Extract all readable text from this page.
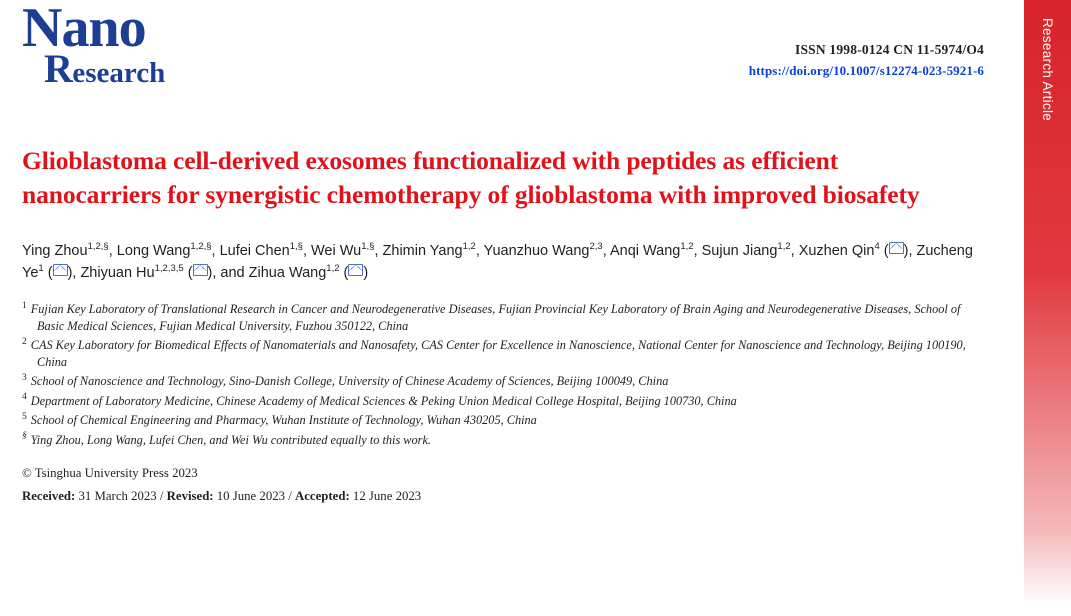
Nano
Research
ISSN 1998-0124 CN 11-5974/O4
https://doi.org/10.1007/s12274-023-5921-6
Glioblastoma cell-derived exosomes functionalized with peptides as efficient nanocarriers for synergistic chemotherapy of glioblastoma with improved biosafety
Ying Zhou$^{1,2,\S}$, Long Wang$^{1,2,\S}$, Lufei Chen$^{1,\S}$, Wei $Wu^{1,\S}$, Zhimin Yang$^{1,2}$, Yuanzhuo Wang$^{2,3}$, Anqi Wang$^{1,2}$, Sujun Jiang$^{1,2}$, Xuzhen Qin$^4$ ( ), Zucheng Ye$^1$ ( ), Zhiyuan Hu$^{1,2,3,5}$ ( ), and Zihua Wang$^{1,2}$ ( )
$^1$ Fujian Key Laboratory of Translational Research in Cancer and Neurodegenerative Diseases, Fujian Provincial Key Laboratory of Brain Aging and Neurodegenerative Diseases, School of Basic Medical Sciences, Fujian Medical University, Fuzhou 350122, China
$^2$ CAS Key Laboratory for Biomedical Effects of Nanomaterials and Nanosafety, CAS Center for Excellence in Nanoscience, National Center for Nanoscience and Technology, Beijing 100190, China
$^3$ School of Nanoscience and Technology, Sino-Danish College, University of Chinese Academy of Sciences, Beijing 100049, China
$^4$ Department of Laboratory Medicine, Chinese Academy of Medical Sciences & Peking Union Medical College Hospital, Beijing 100730, China
$^5$ School of Chemical Engineering and Pharmacy, Wuhan Institute of Technology, Wuhan 430205, China
§ Ying Zhou, Long Wang, Lufei Chen, and Wei Wu contributed equally to this work.
© Tsinghua University Press 2023
Received: 31 March 2023 / Revised: 10 June 2023 / Accepted: 12 June 2023
Research Article
